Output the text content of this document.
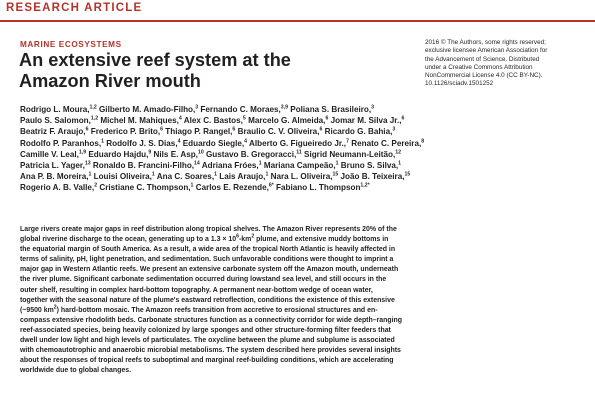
RESEARCH ARTICLE
MARINE ECOSYSTEMS
An extensive reef system at the
Amazon River mouth
2016 © The Authors, some rights reserved;
exclusive licensee American Association for
the Advancement of Science. Distributed
under a Creative Commons Attribution
NonCommercial License 4.0 (CC BY-NC).
10.1126/sciadv.1501252
Rodrigo L. Moura,$^{1,2}$ Gilberto M. Amado-Filho,$^3$ Fernando C. Moraes,$^{3,9}$ Poliana S. Brasileiro,$^3$
Paulo S. Salomon,$^{1,2}$ Michel M. Mahiques,$^4$ Alex C. Bastos,$^5$ Marcelo G. Almeida,$^6$ Jomar M. Silva Jr.,$^6$
Beatriz F. Araujo,$^6$ Frederico P. Brito,$^6$ Thiago P. Rangel,$^6$ Braulio C. V. Oliveira,$^6$ Ricardo G. Bahia,$^3$
Rodolfo P. Paranhos,$^1$ Rodolfo J. S. Dias,$^4$ Eduardo Siegle,$^4$ Alberto G. Figueiredo Jr.,$^7$ Renato C. Pereira,$^8$
Camille V. Leal,$^{1,9}$ Eduardo Hajdu,$^9$ Nils E. Asp,$^{10}$ Gustavo B. Gregoracci,$^{11}$ Sigrid Neumann-Leitão,$^{12}$
Patricia L. Yager,$^{13}$ Ronaldo B. Francini-Filho,$^{14}$ Adriana Fróes,$^1$ Mariana Campeão,$^1$ Bruno S. Silva,$^1$
Ana P. B. Moreira,$^1$ Louisi Oliveira,$^1$ Ana C. Soares,$^1$ Lais Araujo,$^1$ Nara L. Oliveira,$^{15}$ João B. Teixeira,$^{15}$
Rogerio A. B. Valle,$^2$ Cristiane C. Thompson,$^1$ Carlos E. Rezende,$^{6*}$ Fabiano L. Thompson$^{1,2*}$
Large rivers create major gaps in reef distribution along tropical shelves. The Amazon River represents 20% of the
global riverine discharge to the ocean, generating up to a $1.3 \times 10^6-km^2$ plume, and extensive muddy bottoms in
the equatorial margin of South America. As a result, a wide area of the tropical North Atlantic is heavily affected in
terms of salinity, pH, light penetration, and sedimentation. Such unfavorable conditions were thought to imprint a
major gap in Western Atlantic reefs. We present an extensive carbonate system off the Amazon mouth, underneath
the river plume. Significant carbonate sedimentation occurred during lowstand sea level, and still occurs in the
outer shelf, resulting in complex hard-bottom topography. A permanent near-bottom wedge of ocean water,
together with the seasonal nature of the plume's eastward retroflection, conditions the existence of this extensive
(~9500 $km^2$) hard-bottom mosaic. The Amazon reefs transition from accretive to erosional structures and en-
compass extensive rhodolith beds. Carbonate structures function as a connectivity corridor for wide depth–ranging
reef-associated species, being heavily colonized by large sponges and other structure-forming filter feeders that
dwell under low light and high levels of particulates. The oxycline between the plume and subplume is associated
with chemoautotrophic and anaerobic microbial metabolisms. The system described here provides several insights
about the responses of tropical reefs to suboptimal and marginal reef-building conditions, which are accelerating
worldwide due to global changes.
